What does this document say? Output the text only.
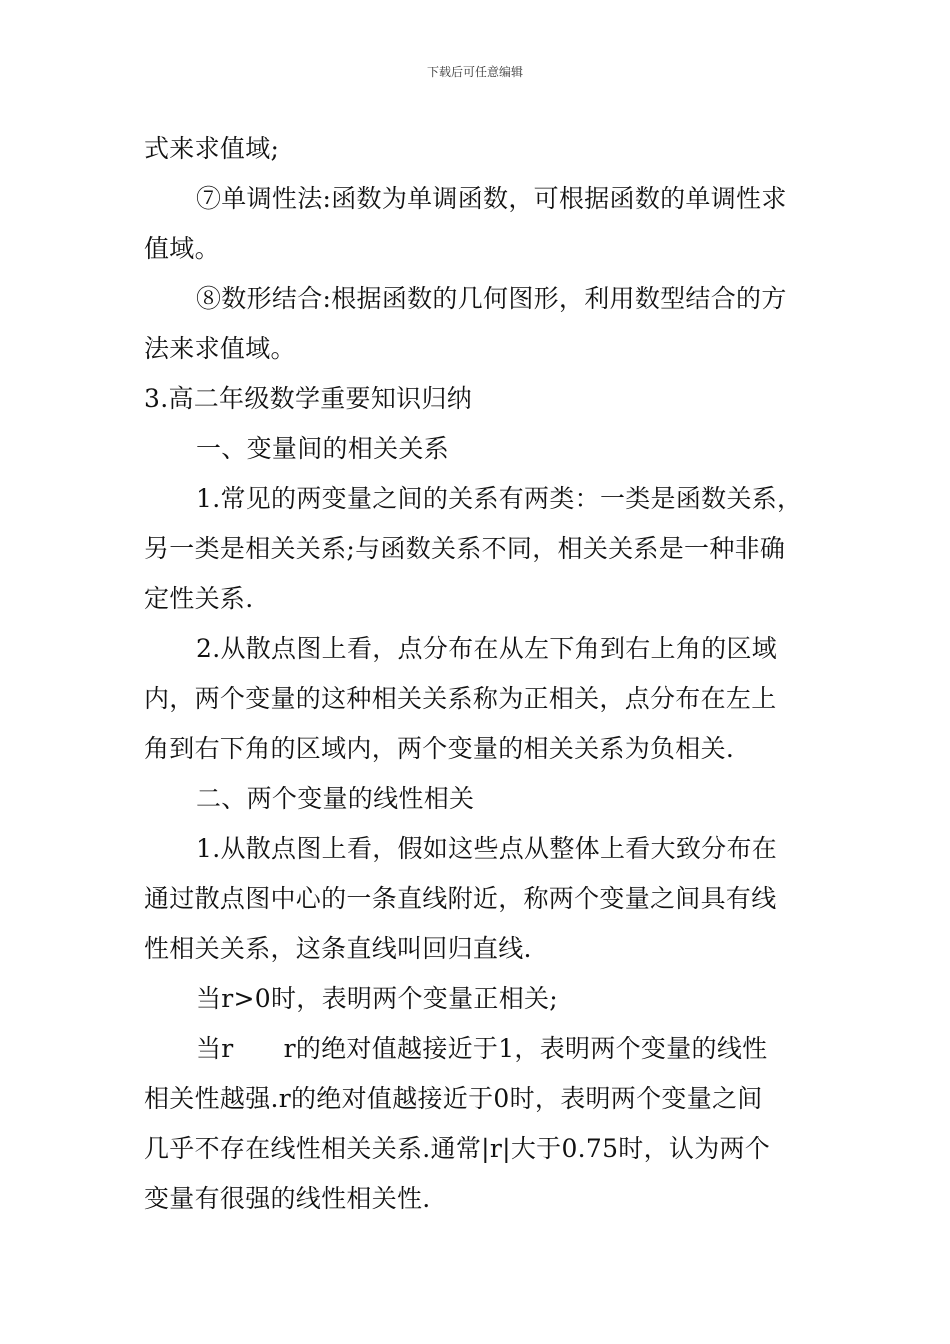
下载后可任意编辑
式来求值域;
⑦单调性法:函数为单调函数，可根据函数的单调性求
值域。
⑧数形结合:根据函数的几何图形，利用数型结合的方
法来求值域。
3.高二年级数学重要知识归纳
一、变量间的相关关系
1.常见的两变量之间的关系有两类：一类是函数关系，
另一类是相关关系;与函数关系不同，相关关系是一种非确
定性关系.
2.从散点图上看，点分布在从左下角到右上角的区域
内，两个变量的这种相关关系称为正相关，点分布在左上
角到右下角的区域内，两个变量的相关关系为负相关.
二、两个变量的线性相关
1.从散点图上看，假如这些点从整体上看大致分布在
通过散点图中心的一条直线附近，称两个变量之间具有线
性相关关系，这条直线叫回归直线.
当r>0时，表明两个变量正相关;
当r r的绝对值越接近于1，表明两个变量的线性
相关性越强.r的绝对值越接近于0时，表明两个变量之间
几乎不存在线性相关关系.通常|r|大于0.75时，认为两个
变量有很强的线性相关性.
